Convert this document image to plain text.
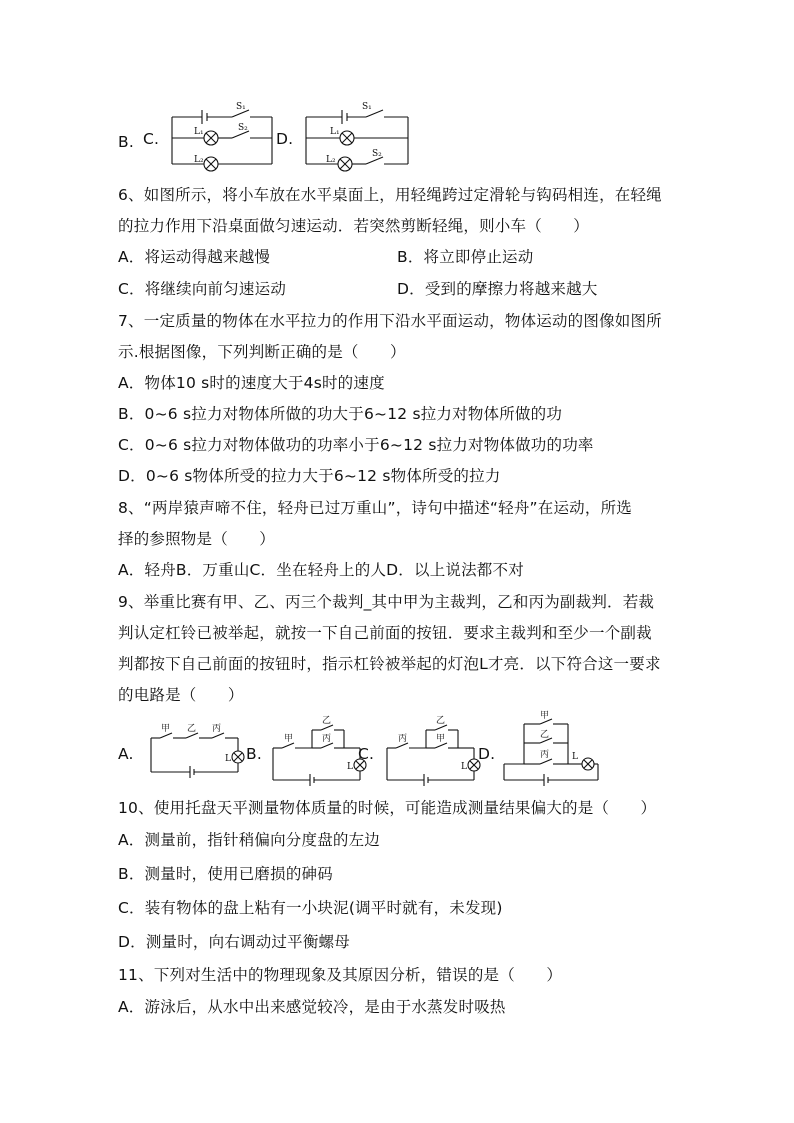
B. C.
S₁
L₁	S₂
L₂
D.
S₁
L₁
L₂
S₂
6、如图所示，将小车放在水平桌面上，用轻绳跨过定滑轮与钩码相连，在轻绳
的拉力作用下沿桌面做匀速运动．若突然剪断轻绳，则小车（　　）
A．将运动得越来越慢	B．将立即停止运动
C．将继续向前匀速运动	D．受到的摩擦力将越来越大
7、一定质量的物体在水平拉力的作用下沿水平面运动，物体运动的图像如图所
示.根据图像，下列判断正确的是（　　）
A．物体10 s时的速度大于4s时的速度
B．0~6 s拉力对物体所做的功大于6~12 s拉力对物体所做的功
C．0~6 s拉力对物体做功的功率小于6~12 s拉力对物体做功的功率
D．0~6 s物体所受的拉力大于6~12 s物体所受的拉力
8、“两岸猿声啼不住，轻舟已过万重山”，诗句中描述“轻舟”在运动，所选
择的参照物是（　　）
A．轻舟B．万重山C．坐在轻舟上的人D．以上说法都不对
9、举重比赛有甲、乙、丙三个裁判_其中甲为主裁判，乙和丙为副裁判．若裁
判认定杠铃已被举起，就按一下自己前面的按钮．要求主裁判和至少一个副裁
判都按下自己前面的按钮时，指示杠铃被举起的灯泡L才亮．以下符合这一要求
的电路是（　　）
A.
甲 乙 丙
L B.
甲
乙
丙
L
C.
丙
乙
甲
L
D.
甲
乙
丙	L
10、使用托盘天平测量物体质量的时候，可能造成测量结果偏大的是（　　）
A．测量前，指针稍偏向分度盘的左边
B．测量时，使用已磨损的砷码
C．装有物体的盘上粘有一小块泥(调平时就有，未发现)
D．测量时，向右调动过平衡螺母
11、下列对生活中的物理现象及其原因分析，错误的是（　　）
A．游泳后，从水中出来感觉较冷，是由于水蒸发时吸热
